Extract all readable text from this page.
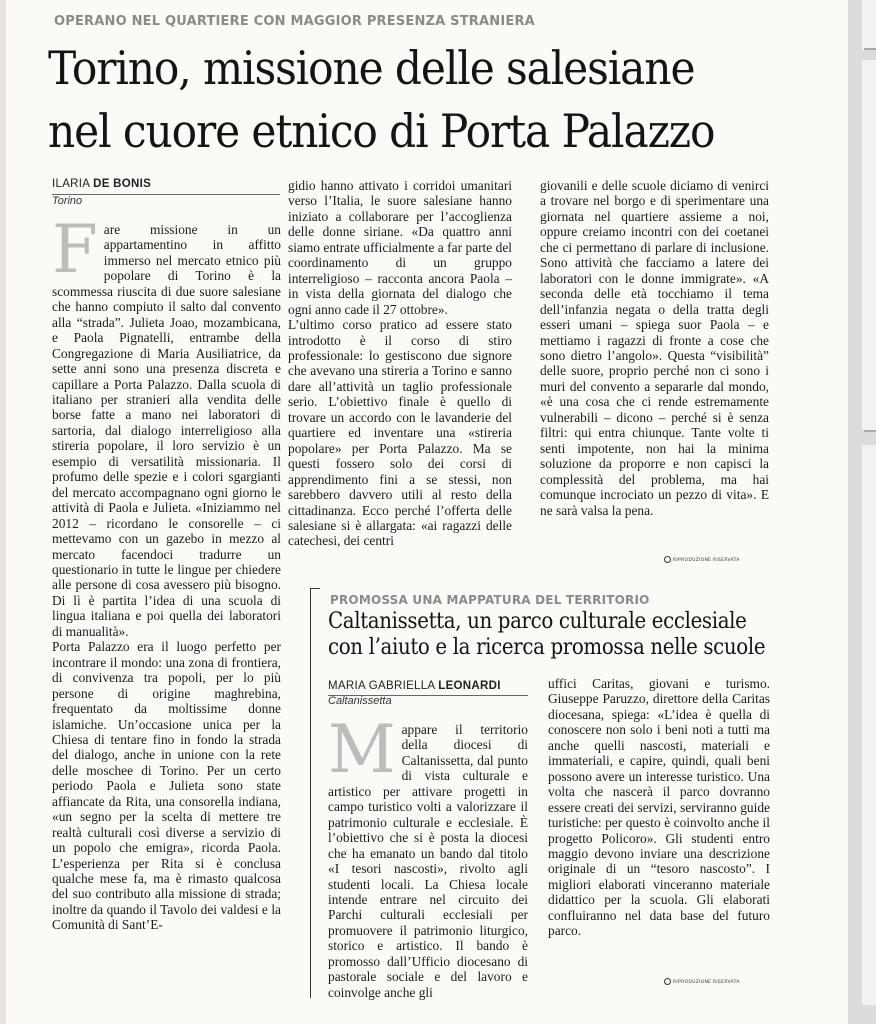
OPERANO NEL QUARTIERE CON MAGGIOR PRESENZA STRANIERA
Torino, missione delle salesiane
nel cuore etnico di Porta Palazzo
ILARIA DE BONIS
Torino
F are missione in un appartamentino in affitto immerso nel mercato etnico più popolare di Torino è la scommessa riuscita di due suore salesiane che hanno compiuto il salto dal convento alla “strada”. Julieta Joao, mozambicana, e Paola Pignatelli, entrambe della Congregazione di Maria Ausiliatrice, da sette anni sono una presenza discreta e capillare a Porta Palazzo. Dalla scuola di italiano per stranieri alla vendita delle borse fatte a mano nei laboratori di sartoria, dal dialogo interreligioso alla stireria popolare, il loro servizio è un esempio di versatilità missionaria. Il profumo delle spezie e i colori sgargianti del mercato accompagnano ogni giorno le attività di Paola e Julieta. «Iniziammo nel 2012 – ricordano le consorelle – ci mettevamo con un gazebo in mezzo al mercato facendoci tradurre un questionario in tutte le lingue per chiedere alle persone di cosa avessero più bisogno. Di lì è partita l’idea di una scuola di lingua italiana e poi quella dei laboratori di manualità».

Porta Palazzo era il luogo perfetto per incontrare il mondo: una zona di frontiera, di convivenza tra popoli, per lo più persone di origine maghrebina, frequentato da moltissime donne islamiche. Un’occasione unica per la Chiesa di tentare fino in fondo la strada del dialogo, anche in unione con la rete delle moschee di Torino. Per un certo periodo Paola e Julieta sono state affiancate da Rita, una consorella indiana, «un segno per la scelta di mettere tre realtà culturali così diverse a servizio di un popolo che emigra», ricorda Paola. L’esperienza per Rita si è conclusa qualche mese fa, ma è rimasto qualcosa del suo contributo alla missione di strada; inoltre da quando il Tavolo dei valdesi e la Comunità di Sant’E-

gidio hanno attivato i corridoi umanitari verso l’Italia, le suore salesiane hanno iniziato a collaborare per l’accoglienza delle donne siriane. «Da quattro anni siamo entrate ufficialmente a far parte del coordinamento di un gruppo interreligioso – racconta ancora Paola – in vista della giornata del dialogo che ogni anno cade il 27 ottobre».

L’ultimo corso pratico ad essere stato introdotto è il corso di stiro professionale: lo gestiscono due signore che avevano una stireria a Torino e sanno dare all’attività un taglio professionale serio. L’obiettivo finale è quello di trovare un accordo con le lavanderie del quartiere ed inventare una «stireria popolare» per Porta Palazzo. Ma se questi fossero solo dei corsi di apprendimento fini a se stessi, non sarebbero davvero utili al resto della cittadinanza. Ecco perché l’offerta delle salesiane si è allargata: «ai ragazzi delle catechesi, dei centri

giovanili e delle scuole diciamo di venirci a trovare nel borgo e di sperimentare una giornata nel quartiere assieme a noi, oppure creiamo incontri con dei coetanei che ci permettano di parlare di inclusione. Sono attività che facciamo a latere dei laboratori con le donne immigrate». «A seconda delle età tocchiamo il tema dell’infanzia negata o della tratta degli esseri umani – spiega suor Paola – e mettiamo i ragazzi di fronte a cose che sono dietro l’angolo». Questa “visibilità” delle suore, proprio perché non ci sono i muri del convento a separarle dal mondo, «è una cosa che ci rende estremamente vulnerabili – dicono – perché si è senza filtri: qui entra chiunque. Tante volte ti senti impotente, non hai la minima soluzione da proporre e non capisci la complessità del problema, ma hai comunque incrociato un pezzo di vita». E ne sarà valsa la pena.

RIPRODUZIONE RISERVATA
PROMOSSA UNA MAPPATURA DEL TERRITORIO
Caltanissetta, un parco culturale ecclesiale
con l’aiuto e la ricerca promossa nelle scuole
MARIA GABRIELLA LEONARDI
Caltanissetta
M appare il territorio della diocesi di Caltanissetta, dal punto di vista culturale e artistico per attivare progetti in campo turistico volti a valorizzare il patrimonio culturale e ecclesiale. È l’obiettivo che si è posta la diocesi che ha emanato un bando dal titolo «I tesori nascosti», rivolto agli studenti locali. La Chiesa locale intende entrare nel circuito dei Parchi culturali ecclesiali per promuovere il patrimonio liturgico, storico e artistico. Il bando è promosso dall’Ufficio diocesano di pastorale sociale e del lavoro e coinvolge anche gli

uffici Caritas, giovani e turismo. Giuseppe Paruzzo, direttore della Caritas diocesana, spiega: «L’idea è quella di conoscere non solo i beni noti a tutti ma anche quelli nascosti, materiali e immateriali, e capire, quindi, quali beni possono avere un interesse turistico. Una volta che nascerà il parco dovranno essere creati dei servizi, serviranno guide turistiche: per questo è coinvolto anche il progetto Policoro». Gli studenti entro maggio devono inviare una descrizione originale di un “tesoro nascosto”. I migliori elaborati vinceranno materiale didattico per la scuola. Gli elaborati confluiranno nel data base del futuro parco.

RIPRODUZIONE RISERVATA
